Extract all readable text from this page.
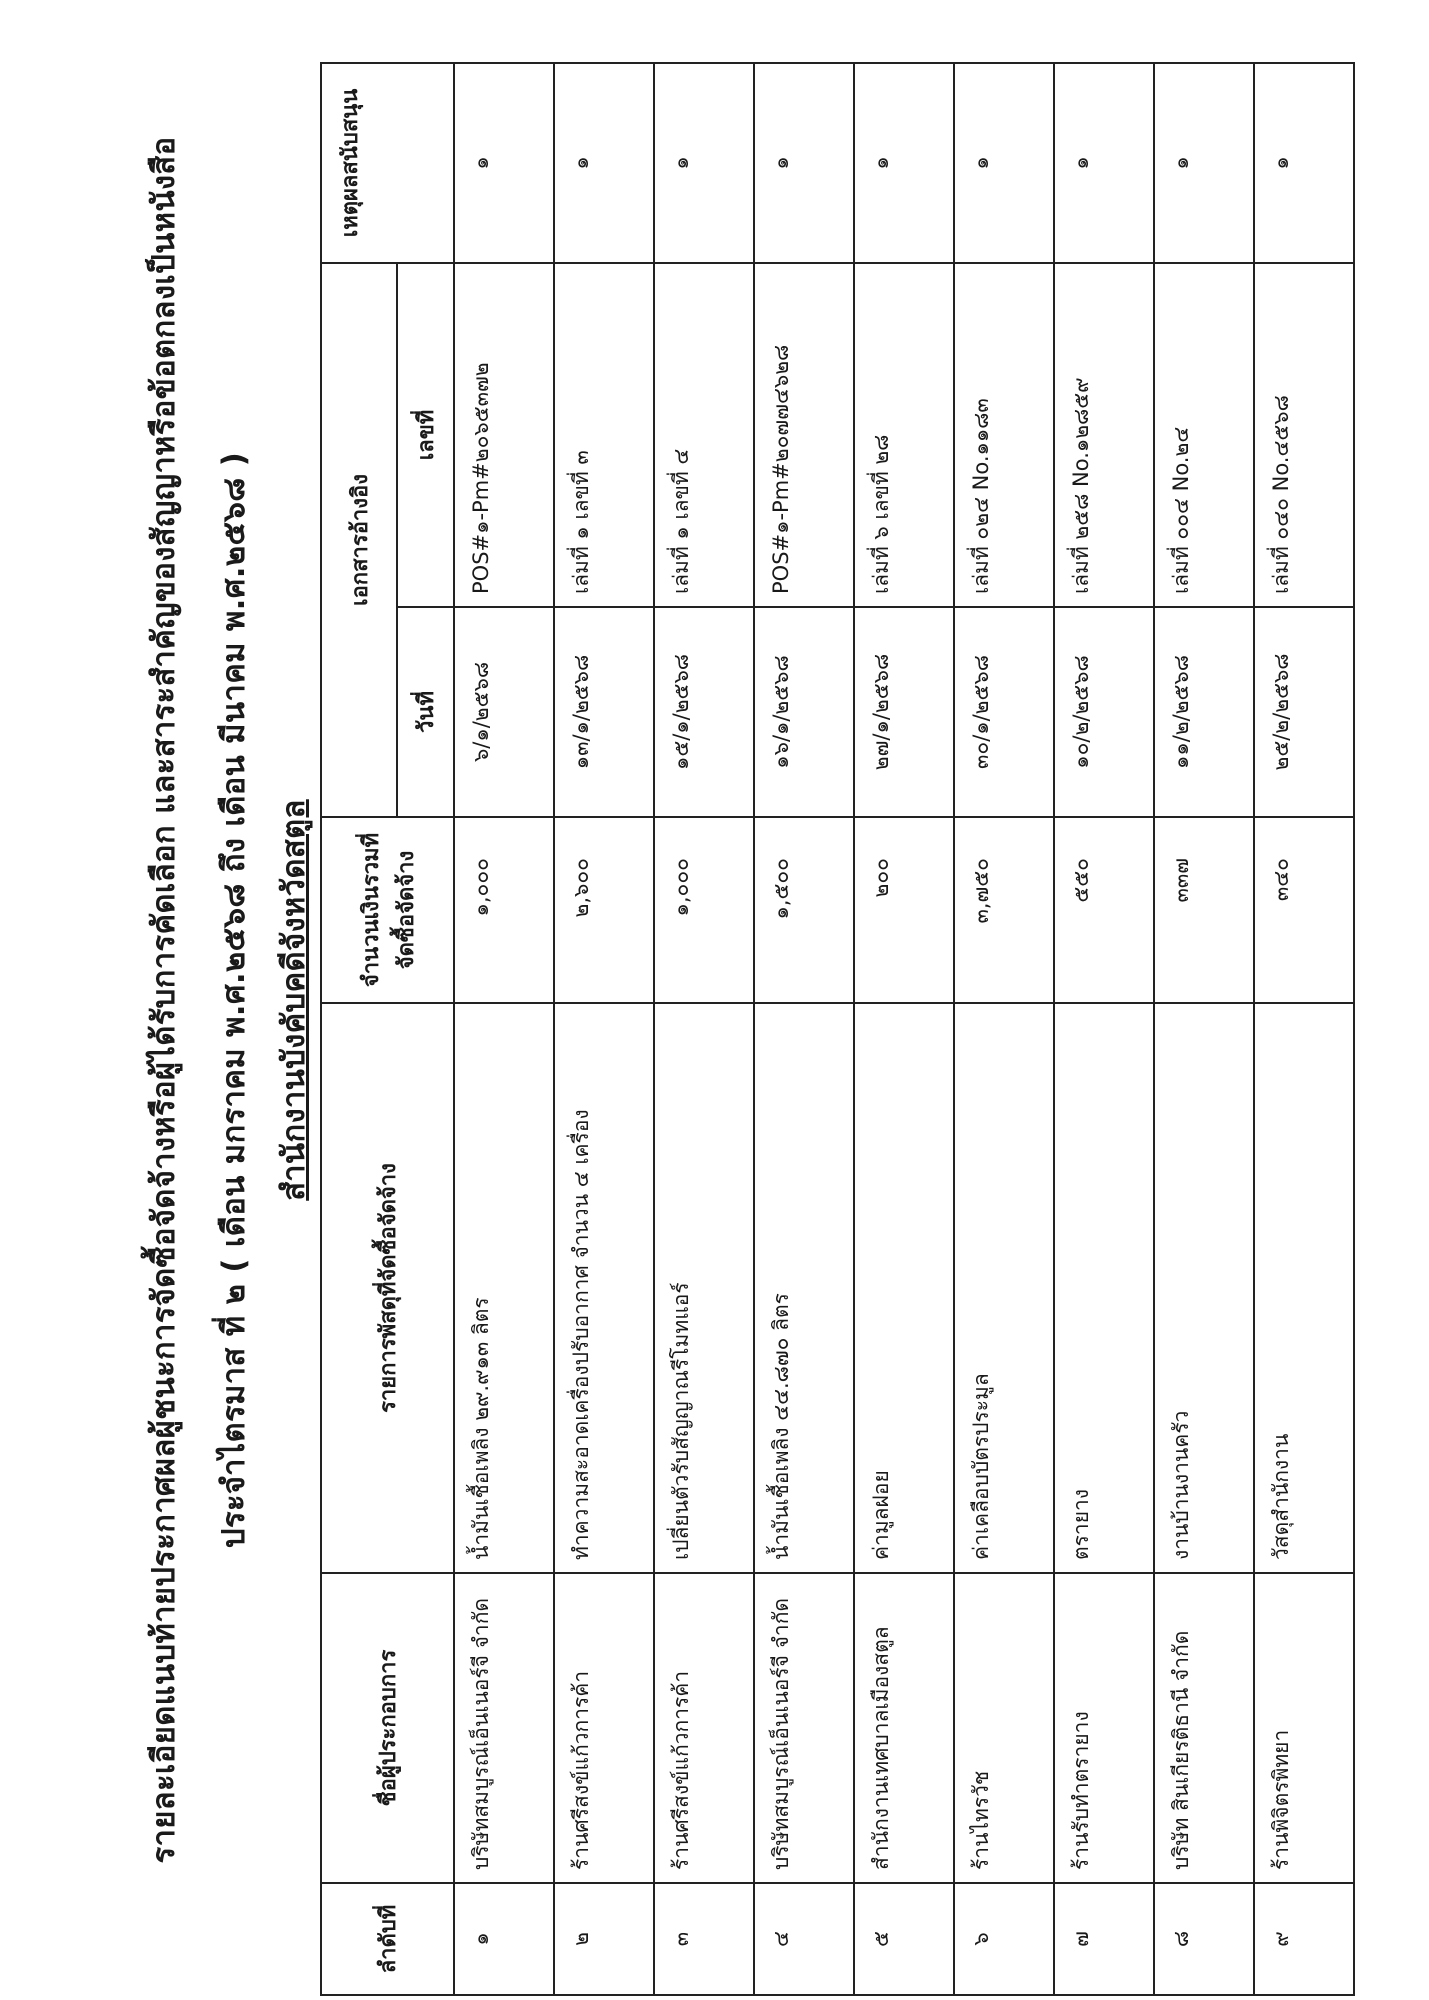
รายละเอียดแนบท้ายประกาศผลผู้ชนะการจัดซื้อจัดจ้างหรือผู้ได้รับการคัดเลือก และสาระสำคัญของสัญญาหรือข้อตกลงเป็นหนังสือ ประจำไตรมาส ที่ ๒ ( เดือน มกราคม พ.ศ.๒๕๖๘ ถึง เดือน มีนาคม พ.ศ.๒๕๖๘ ) สำนักงานบังคับคดีจังหวัดสตูล
ลำดับที่	ชื่อผู้ประกอบการ	รายการพัสดุที่จัดซื้อจัดจ้าง	จำนวนเงินรวมที่จัดซื้อจัดจ้าง	เอกสารอ้างอิง		เหตุผลสนับสนุน
				วันที่	เลขที่	
๑	บริษัทสมบูรณ์เอ็นเนอร์จี จำกัด	น้ำมันเชื้อเพลิง ๒๙.๙๑๓ ลิตร	๑,๐๐๐	๖/๑/๒๕๖๘	POS#๑-Pm#๒๐๖๕๓๗๒	๑
๒	ร้านศรีสงข์แก้วการค้า	ทำความสะอาดเครื่องปรับอากาศ จำนวน ๔ เครื่อง	๒,๖๐๐	๑๓/๑/๒๕๖๘	เล่มที่ ๑ เลขที่ ๓	๑
๓	ร้านศรีสงข์แก้วการค้า	เปลี่ยนตัวรับสัญญาณรีโมทแอร์	๑,๐๐๐	๑๕/๑/๒๕๖๘	เล่มที่ ๑ เลขที่ ๔	๑
๔	บริษัทสมบูรณ์เอ็นเนอร์จี จำกัด	น้ำมันเชื้อเพลิง ๔๔.๘๗๐ ลิตร	๑,๕๐๐	๑๖/๑/๒๕๖๘	POS#๑-Pm#๒๐๗๗๔๖๒๘	๑
๕	สำนักงานเทศบาลเมืองสตูล	ค่ามูลฝอย	๒๐๐	๒๗/๑/๒๕๖๘	เล่มที่ ๖ เลขที่ ๒๘	๑
๖	ร้านไทรวัช	ค่าเคลือบบัตรประมูล	๓,๗๕๐	๓๐/๑/๒๕๖๘	เล่มที่ ๐๒๔ No.๑๑๘๓	๑
๗	ร้านรับทำตรายาง	ตรายาง	๕๕๐	๑๐/๒/๒๕๖๘	เล่มที่ ๒๕๘ No.๑๒๘๕๙	๑
๘	บริษัท สินเกียรติธานี จำกัด	งานบ้านงานครัว	๓๓๗	๑๑/๒/๒๕๖๘	เล่มที่ ๐๐๔ No.๒๔	๑
๙	ร้านพิจิตรพิทยา	วัสดุสำนักงาน	๓๔๐	๒๕/๒/๒๕๖๘	เล่มที่ ๐๔๐ No.๔๕๖๘	๑
